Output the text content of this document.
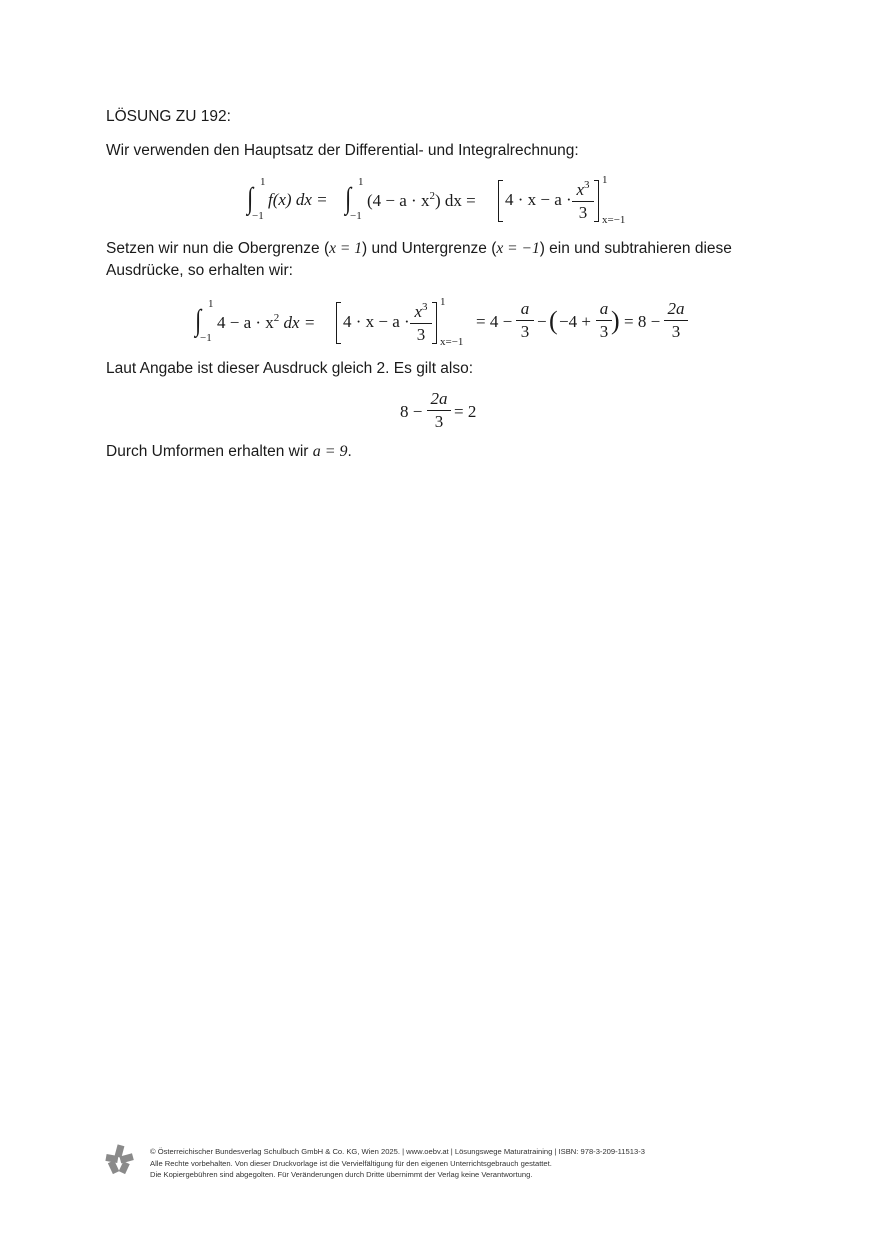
LÖSUNG ZU 192:
Wir verwenden den Hauptsatz der Differential- und Integralrechnung:
∫ 1
−1
f(x) dx = ∫ 1
−1
$(4 - a \cdot x^2)$ dx = 4 · x − a ·
$x^3$
3
1
x=−1
Setzen wir nun die Obergrenze (x = 1) und Untergrenze (x = −1) ein und subtrahieren diese
Ausdrücke, so erhalten wir:
∫ 1
−1
$4 - a \cdot x^2$ dx = 4 · x − a ·
$x^3$
3
1
x=−1
= 4 −
a
3
− ( −4 +
a
3 ) = 8 −
2a
3
Laut Angabe ist dieser Ausdruck gleich 2. Es gilt also:
8 −
2a
3
= 2
Durch Umformen erhalten wir a = 9.
© Österreichischer Bundesverlag Schulbuch GmbH & Co. KG, Wien 2025. | www.oebv.at | Lösungswege Maturatraining | ISBN: 978-3-209-11513-3
Alle Rechte vorbehalten. Von dieser Druckvorlage ist die Vervielfältigung für den eigenen Unterrichtsgebrauch gestattet.
Die Kopiergebühren sind abgegolten. Für Veränderungen durch Dritte übernimmt der Verlag keine Verantwortung.
